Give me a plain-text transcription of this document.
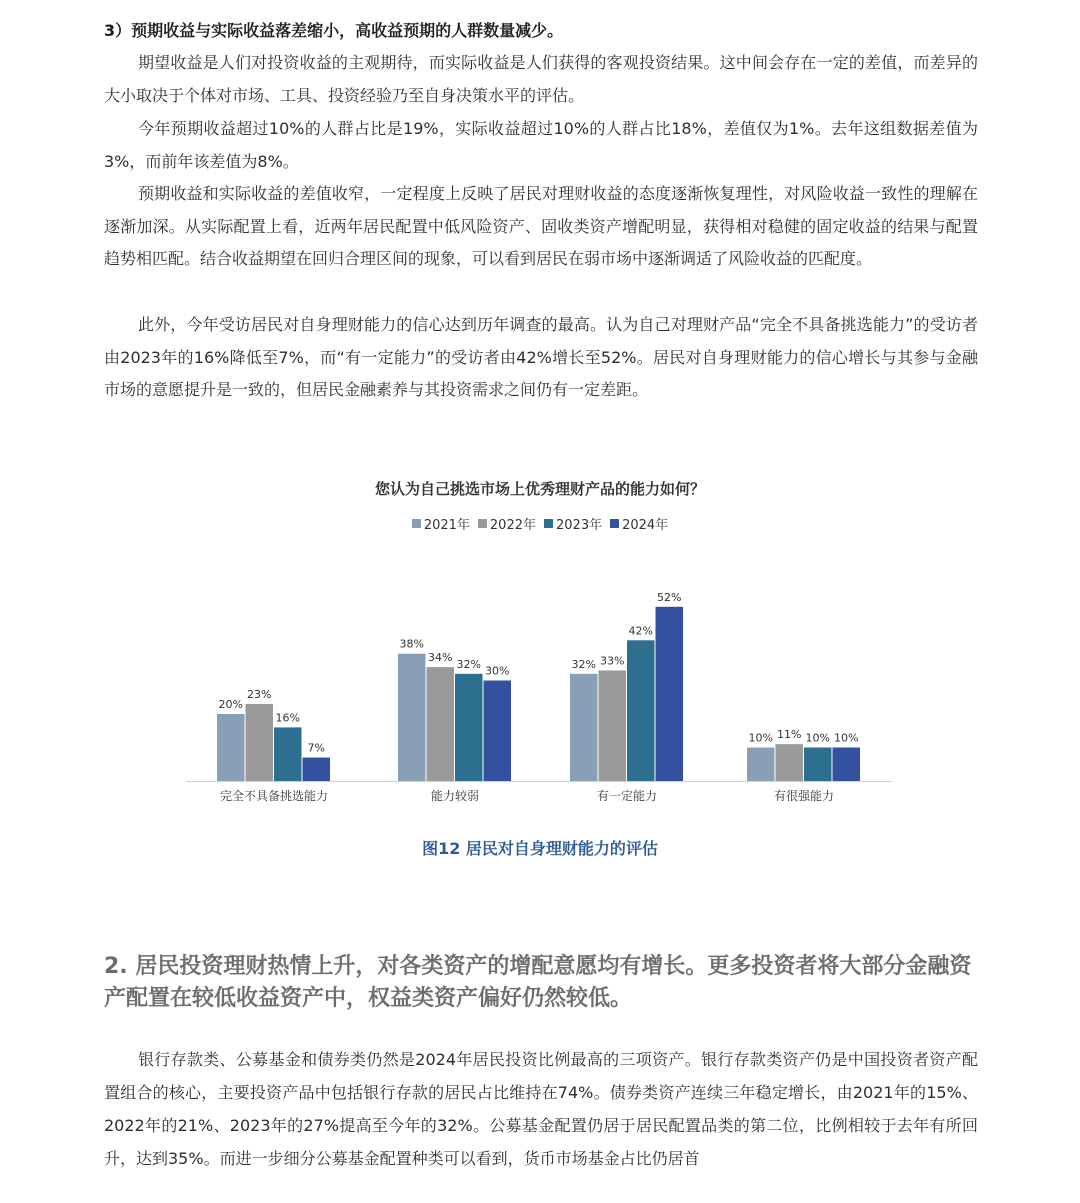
3）预期收益与实际收益落差缩小，高收益预期的人群数量减少。

期望收益是人们对投资收益的主观期待，而实际收益是人们获得的客观投资结果。这中间会存在一定的差值，而差异的大小取决于个体对市场、工具、投资经验乃至自身决策水平的评估。

今年预期收益超过10%的人群占比是19%，实际收益超过10%的人群占比18%，差值仅为1%。去年这组数据差值为3%，而前年该差值为8%。

预期收益和实际收益的差值收窄，一定程度上反映了居民对理财收益的态度逐渐恢复理性，对风险收益一致性的理解在逐渐加深。从实际配置上看，近两年居民配置中低风险资产、固收类资产增配明显，获得相对稳健的固定收益的结果与配置趋势相匹配。结合收益期望在回归合理区间的现象，可以看到居民在弱市场中逐渐调适了风险收益的匹配度。

此外，今年受访居民对自身理财能力的信心达到历年调查的最高。认为自己对理财产品“完全不具备挑选能力”的受访者由2023年的16%降低至7%，而“有一定能力”的受访者由42%增长至52%。居民对自身理财能力的信心增长与其参与金融市场的意愿提升是一致的，但居民金融素养与其投资需求之间仍有一定差距。

您认为自己挑选市场上优秀理财产品的能力如何？

2021年 2022年 2023年 2024年
20%
23%
16%
7%
完全不具备挑选能力
38%
34%
32%
30%
能力较弱
32% 33%
42%
52%
有一定能力
10% 11% 10% 10%
有很强能力

图12 居民对自身理财能力的评估

2. 居民投资理财热情上升，对各类资产的增配意愿均有增长。更多投资者将大部分金融资产配置在较低收益资产中，权益类资产偏好仍然较低。

银行存款类、公募基金和债券类仍然是2024年居民投资比例最高的三项资产。银行存款类资产仍是中国投资者资产配置组合的核心，主要投资产品中包括银行存款的居民占比维持在74%。债券类资产连续三年稳定增长，由2021年的15%、2022年的21%、2023年的27%提高至今年的32%。公募基金配置仍居于居民配置品类的第二位，比例相较于去年有所回升，达到35%。而进一步细分公募基金配置种类可以看到，货币市场基金占比仍居首
